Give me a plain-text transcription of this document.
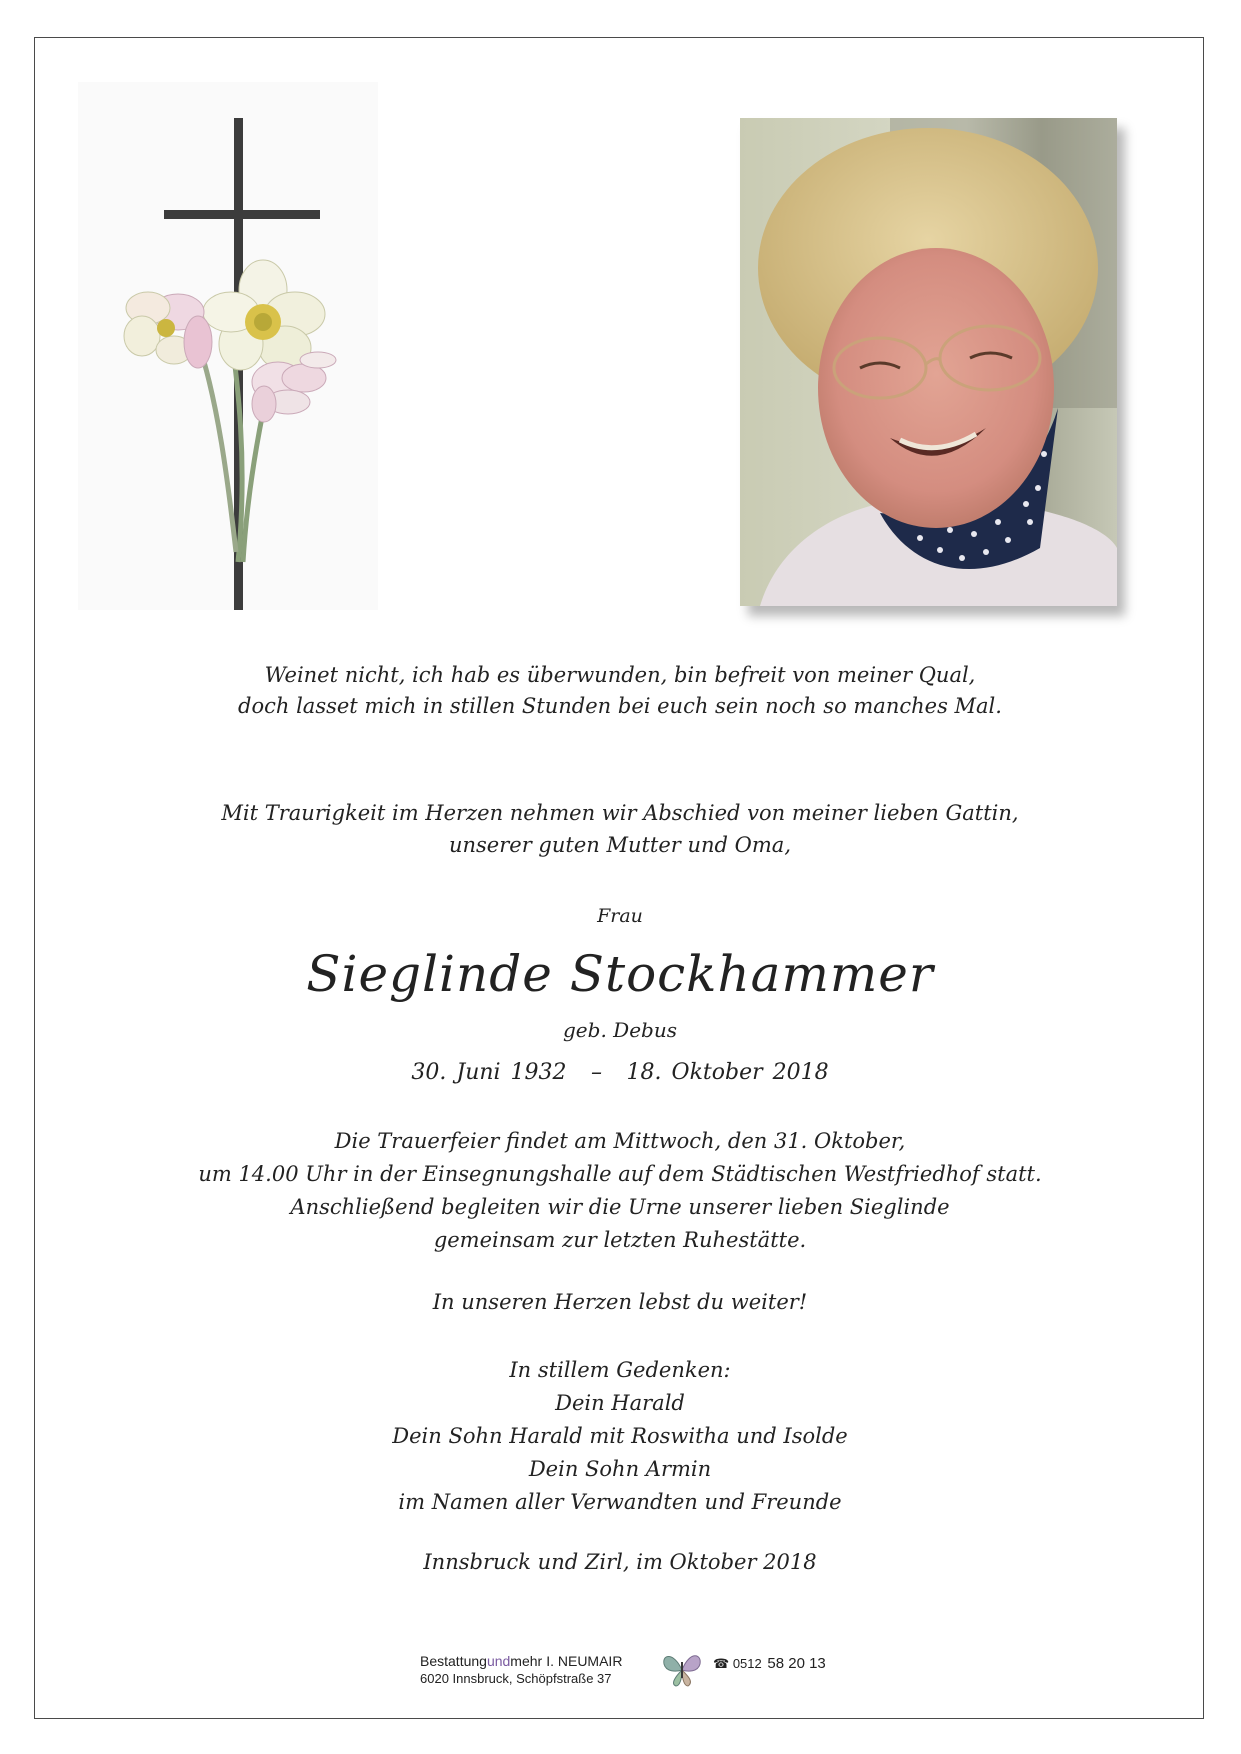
Weinet nicht, ich hab es überwunden, bin befreit von meiner Qual,
doch lasset mich in stillen Stunden bei euch sein noch so manches Mal.
Mit Traurigkeit im Herzen nehmen wir Abschied von meiner lieben Gattin,
unserer guten Mutter und Oma,
Frau
Sieglinde Stockhammer
geb. Debus
30. Juni 1932 – 18. Oktober 2018
Die Trauerfeier findet am Mittwoch, den 31. Oktober,
um 14.00 Uhr in der Einsegnungshalle auf dem Städtischen Westfriedhof statt.
Anschließend begleiten wir die Urne unserer lieben Sieglinde
gemeinsam zur letzten Ruhestätte.
In unseren Herzen lebst du weiter!
In stillem Gedenken:
Dein Harald
Dein Sohn Harald mit Roswitha und Isolde
Dein Sohn Armin
im Namen aller Verwandten und Freunde
Innsbruck und Zirl, im Oktober 2018
Bestattungundmehr I. NEUMAIR
6020 Innsbruck, Schöpfstraße 37
☎ 0512 58 20 13
